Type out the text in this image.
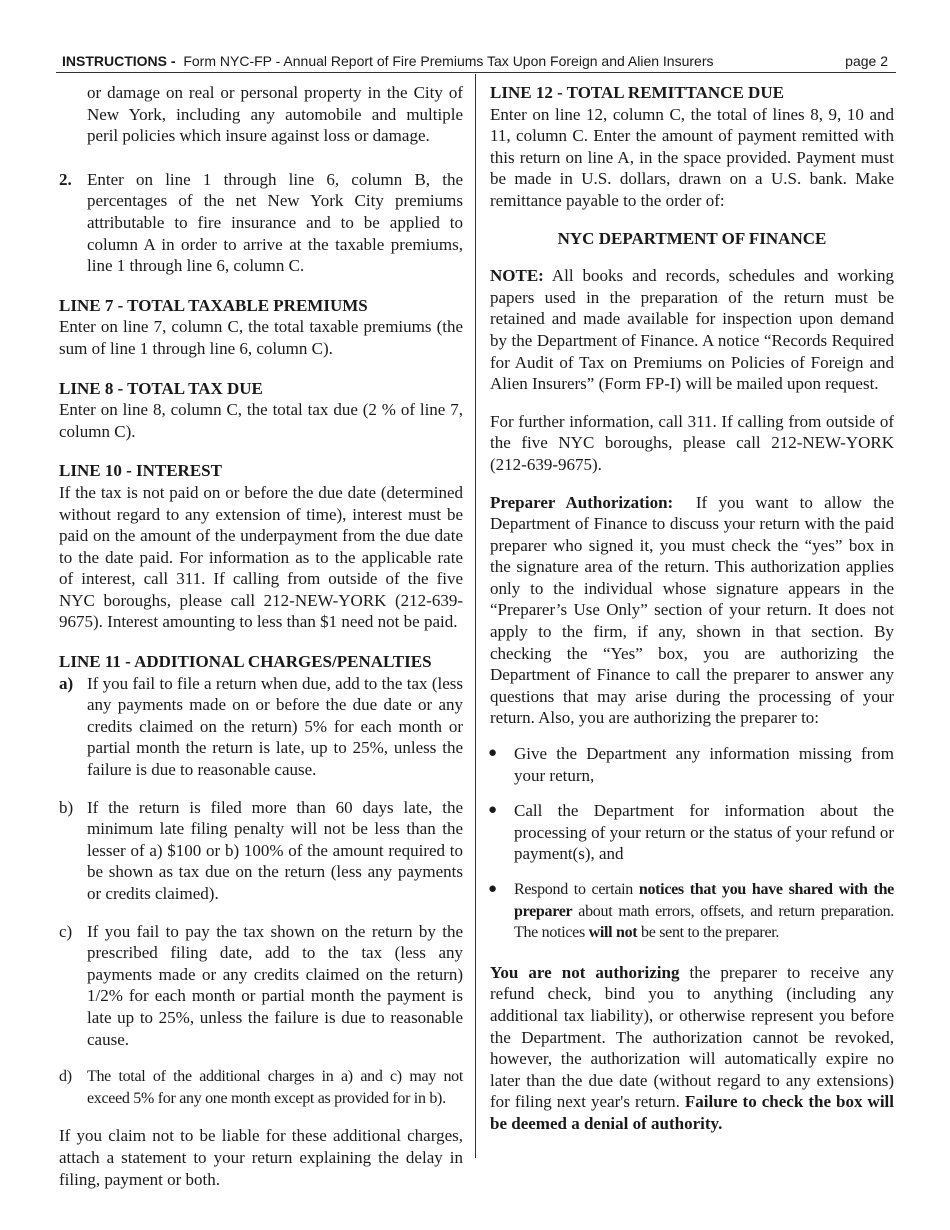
INSTRUCTIONS - Form NYC-FP - Annual Report of Fire Premiums Tax Upon Foreign and Alien Insurers	page 2

or damage on real or personal property in the City of New York, including any automobile and multiple peril policies which insure against loss or damage.

2. Enter on line 1 through line 6, column B, the percentages of the net New York City premiums attributable to fire insurance and to be applied to column A in order to arrive at the taxable premiums, line 1 through line 6, column C.
LINE 7 - TOTAL TAXABLE PREMIUMS

Enter on line 7, column C, the total taxable premiums (the sum of line 1 through line 6, column C).

LINE 8 - TOTAL TAX DUE

Enter on line 8, column C, the total tax due (2 % of line 7, column C).

LINE 10 - INTEREST

If the tax is not paid on or before the due date (determined without regard to any extension of time), interest must be paid on the amount of the underpayment from the due date to the date paid. For information as to the applicable rate of interest, call 311. If calling from outside of the five NYC boroughs, please call 212-NEW-YORK (212-639-9675). Interest amounting to less than $1 need not be paid.

LINE 11 - ADDITIONAL CHARGES/PENALTIES
a) If you fail to file a return when due, add to the tax (less any payments made on or before the due date or any credits claimed on the return) 5% for each month or partial month the return is late, up to 25%, unless the failure is due to reasonable cause.
b) If the return is filed more than 60 days late, the minimum late filing penalty will not be less than the lesser of a) $100 or b) 100% of the amount required to be shown as tax due on the return (less any payments or credits claimed).
c) If you fail to pay the tax shown on the return by the prescribed filing date, add to the tax (less any payments made or any credits claimed on the return) 1/2% for each month or partial month the payment is late up to 25%, unless the failure is due to reasonable cause.
d) The total of the additional charges in a) and c) may not exceed 5% for any one month except as provided for in b).

If you claim not to be liable for these additional charges, attach a statement to your return explaining the delay in filing, payment or both.

LINE 12 - TOTAL REMITTANCE DUE

Enter on line 12, column C, the total of lines 8, 9, 10 and 11, column C. Enter the amount of payment remitted with this return on line A, in the space provided. Payment must be made in U.S. dollars, drawn on a U.S. bank. Make remittance payable to the order of:

NYC DEPARTMENT OF FINANCE

NOTE: All books and records, schedules and working papers used in the preparation of the return must be retained and made available for inspection upon demand by the Department of Finance. A notice “Records Required for Audit of Tax on Premiums on Policies of Foreign and Alien Insurers” (Form FP-I) will be mailed upon request.

For further information, call 311. If calling from outside of the five NYC boroughs, please call 212-NEW-YORK (212-639-9675).

Preparer Authorization: If you want to allow the Department of Finance to discuss your return with the paid preparer who signed it, you must check the “yes” box in the signature area of the return. This authorization applies only to the individual whose signature appears in the “Preparer’s Use Only” section of your return. It does not apply to the firm, if any, shown in that section. By checking the “Yes” box, you are authorizing the Department of Finance to call the preparer to answer any questions that may arise during the processing of your return. Also, you are authorizing the preparer to:

● Give the Department any information missing from your return,
● Call the Department for information about the processing of your return or the status of your refund or payment(s), and
● Respond to certain notices that you have shared with the preparer about math errors, offsets, and return preparation. The notices will not be sent to the preparer.

You are not authorizing the preparer to receive any refund check, bind you to anything (including any additional tax liability), or otherwise represent you before the Department. The authorization cannot be revoked, however, the authorization will automatically expire no later than the due date (without regard to any extensions) for filing next year's return. Failure to check the box will be deemed a denial of authority.
